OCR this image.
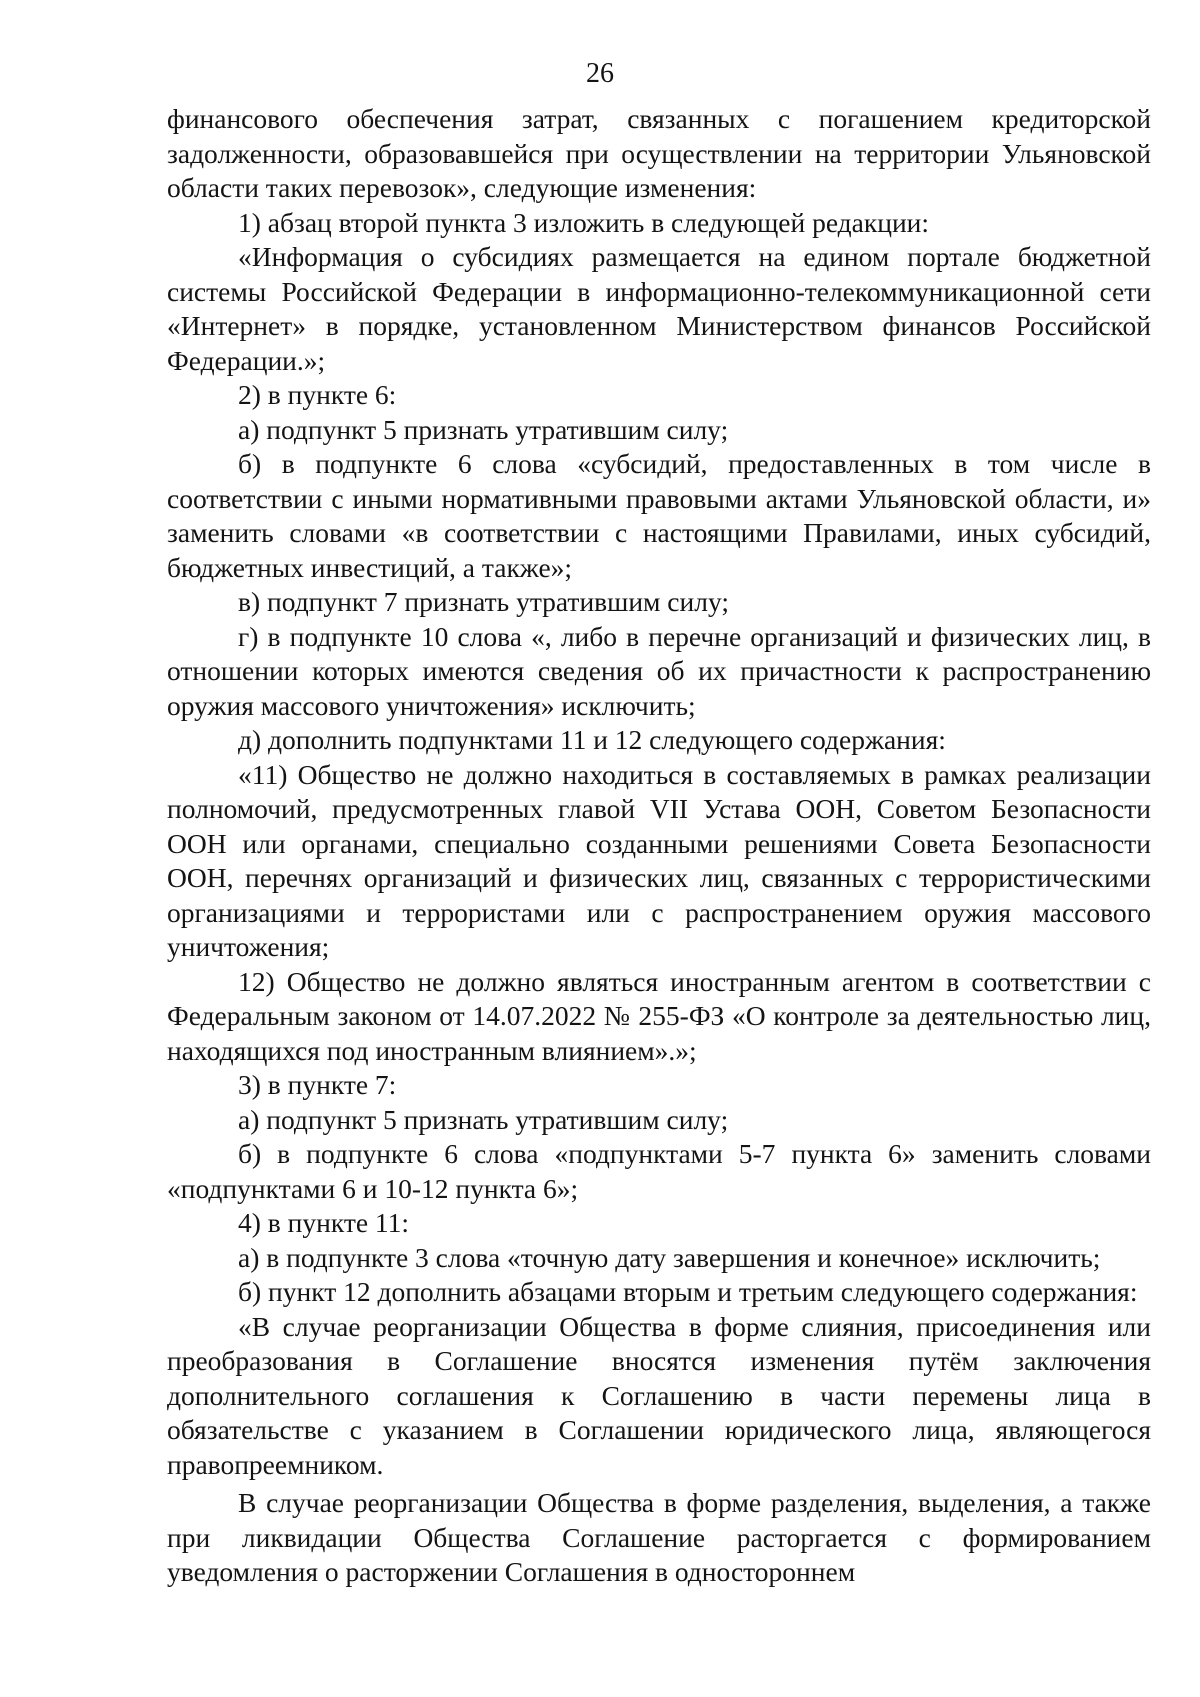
26

финансового обеспечения затрат, связанных с погашением кредиторской задолженности, образовавшейся при осуществлении на территории Ульяновской области таких перевозок», следующие изменения:

1) абзац второй пункта 3 изложить в следующей редакции:

«Информация о субсидиях размещается на едином портале бюджетной системы Российской Федерации в информационно-телекоммуникационной сети «Интернет» в порядке, установленном Министерством финансов Российской Федерации.»;

2) в пункте 6:

а) подпункт 5 признать утратившим силу;

б) в подпункте 6 слова «субсидий, предоставленных в том числе в соответствии с иными нормативными правовыми актами Ульяновской области, и» заменить словами «в соответствии с настоящими Правилами, иных субсидий, бюджетных инвестиций, а также»;

в) подпункт 7 признать утратившим силу;

г) в подпункте 10 слова «, либо в перечне организаций и физических лиц, в отношении которых имеются сведения об их причастности к распространению оружия массового уничтожения» исключить;

д) дополнить подпунктами 11 и 12 следующего содержания:

«11) Общество не должно находиться в составляемых в рамках реализации полномочий, предусмотренных главой VII Устава ООН, Советом Безопасности ООН или органами, специально созданными решениями Совета Безопасности ООН, перечнях организаций и физических лиц, связанных с террористическими организациями и террористами или с распространением оружия массового уничтожения;

12) Общество не должно являться иностранным агентом в соответствии с Федеральным законом от 14.07.2022 № 255-ФЗ «О контроле за деятельностью лиц, находящихся под иностранным влиянием».»;

3) в пункте 7:

а) подпункт 5 признать утратившим силу;

б) в подпункте 6 слова «подпунктами 5-7 пункта 6» заменить словами «подпунктами 6 и 10-12 пункта 6»;

4) в пункте 11:

а) в подпункте 3 слова «точную дату завершения и конечное» исключить;

б) пункт 12 дополнить абзацами вторым и третьим следующего содержания:

«В случае реорганизации Общества в форме слияния, присоединения или преобразования в Соглашение вносятся изменения путём заключения дополнительного соглашения к Соглашению в части перемены лица в обязательстве с указанием в Соглашении юридического лица, являющегося правопреемником.

В случае реорганизации Общества в форме разделения, выделения, а также при ликвидации Общества Соглашение расторгается с формированием уведомления о расторжении Соглашения в одностороннем
